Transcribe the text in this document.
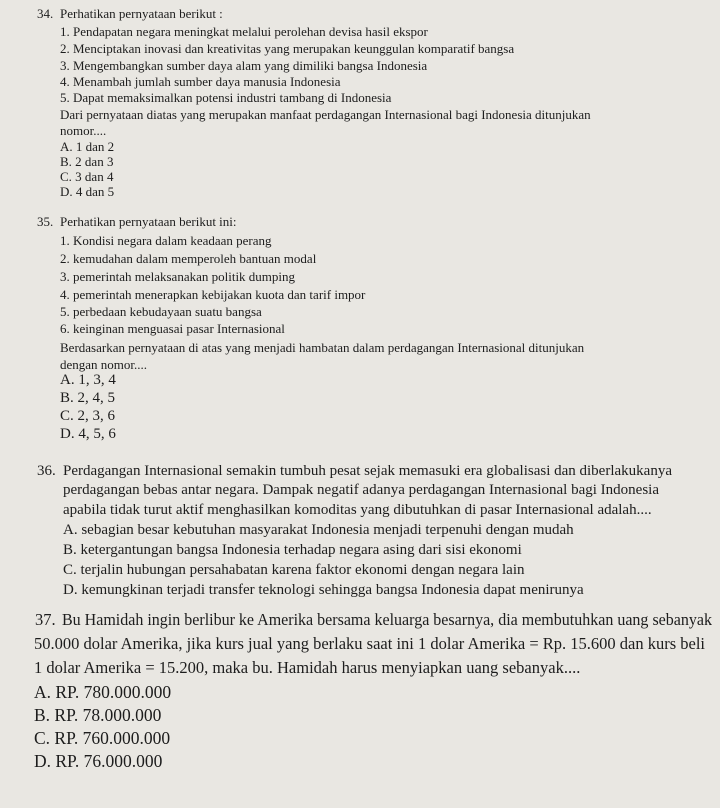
34. Perhatikan pernyataan berikut :
1. Pendapatan negara meningkat melalui perolehan devisa hasil ekspor
2. Menciptakan inovasi dan kreativitas yang merupakan keunggulan komparatif bangsa
3. Mengembangkan sumber daya alam yang dimiliki bangsa Indonesia
4. Menambah jumlah sumber daya manusia Indonesia
5. Dapat memaksimalkan potensi industri tambang di Indonesia
Dari pernyataan diatas yang merupakan manfaat perdagangan Internasional bagi Indonesia ditunjukan
nomor....
A. 1 dan 2
B. 2 dan 3
C. 3 dan 4
D. 4 dan 5
35. Perhatikan pernyataan berikut ini:
1. Kondisi negara dalam keadaan perang
2. kemudahan dalam memperoleh bantuan modal
3. pemerintah melaksanakan politik dumping
4. pemerintah menerapkan kebijakan kuota dan tarif impor
5. perbedaan kebudayaan suatu bangsa
6. keinginan menguasai pasar Internasional
Berdasarkan pernyataan di atas yang menjadi hambatan dalam perdagangan Internasional ditunjukan
dengan nomor....
A. 1, 3, 4
B. 2, 4, 5
C. 2, 3, 6
D. 4, 5, 6
36. Perdagangan Internasional semakin tumbuh pesat sejak memasuki era globalisasi dan diberlakukanya
perdagangan bebas antar negara. Dampak negatif adanya perdagangan Internasional bagi Indonesia
apabila tidak turut aktif menghasilkan komoditas yang dibutuhkan di pasar Internasional adalah....
A. sebagian besar kebutuhan masyarakat Indonesia menjadi terpenuhi dengan mudah
B. ketergantungan bangsa Indonesia terhadap negara asing dari sisi ekonomi
C. terjalin hubungan persahabatan karena faktor ekonomi dengan negara lain
D. kemungkinan terjadi transfer teknologi sehingga bangsa Indonesia dapat menirunya
37. Bu Hamidah ingin berlibur ke Amerika bersama keluarga besarnya, dia membutuhkan uang sebanyak
50.000 dolar Amerika, jika kurs jual yang berlaku saat ini 1 dolar Amerika = Rp. 15.600 dan kurs beli
1 dolar Amerika = 15.200, maka bu. Hamidah harus menyiapkan uang sebanyak....
A. RP. 780.000.000
B. RP. 78.000.000
C. RP. 760.000.000
D. RP. 76.000.000
